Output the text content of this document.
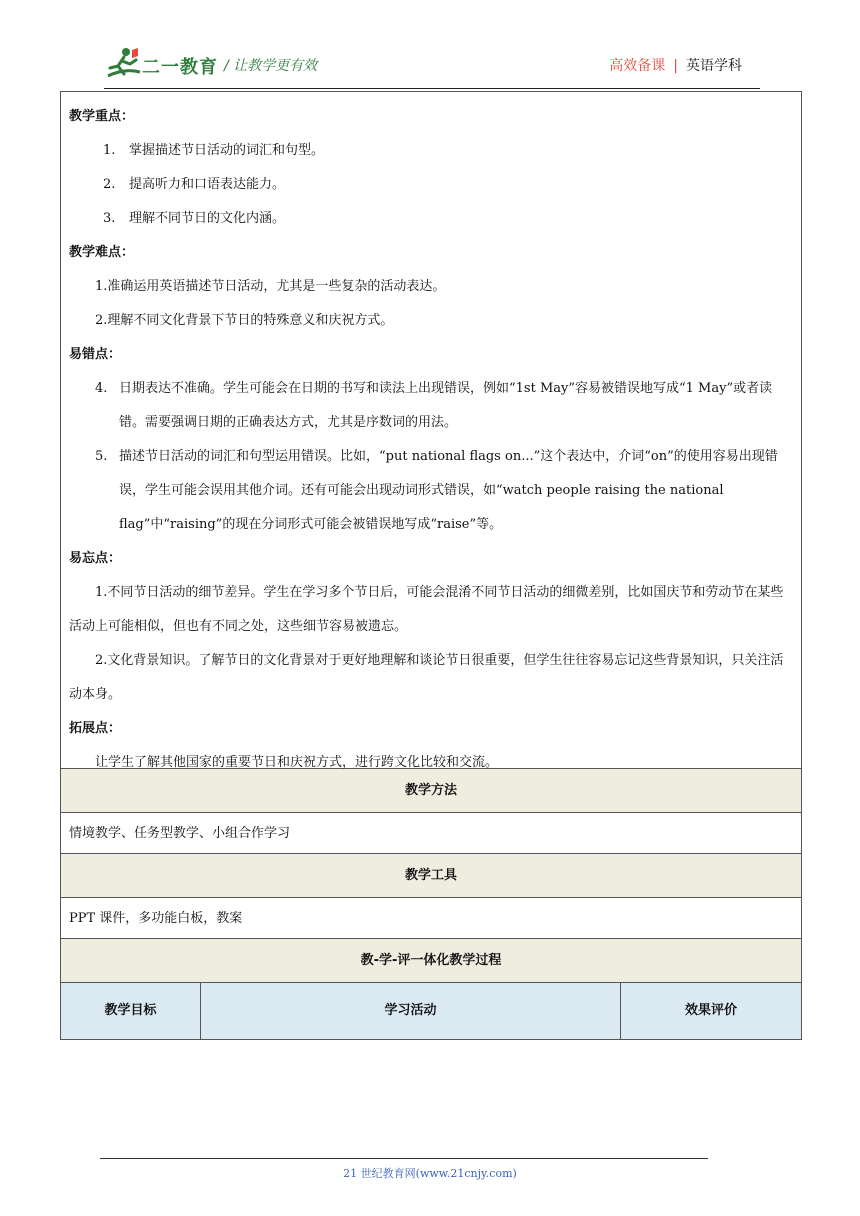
二一教育 / 让教学更有效	高效备课 | 英语学科
教学重点：
1.	掌握描述节日活动的词汇和句型。
2.	提高听力和口语表达能力。
3.	理解不同节日的文化内涵。
教学难点：
1.准确运用英语描述节日活动，尤其是一些复杂的活动表达。
2.理解不同文化背景下节日的特殊意义和庆祝方式。
易错点：
4. 日期表达不准确。学生可能会在日期的书写和读法上出现错误，例如“1st May”容易被错误地写成“1 May”或者读错。需要强调日期的正确表达方式，尤其是序数词的用法。
5. 描述节日活动的词汇和句型运用错误。比如，“put national flags on...”这个表达中，介词“on”的使用容易出现错误，学生可能会误用其他介词。还有可能会出现动词形式错误，如“watch people raising the national flag”中“raising”的现在分词形式可能会被错误地写成“raise”等。
易忘点：
1.不同节日活动的细节差异。学生在学习多个节日后，可能会混淆不同节日活动的细微差别，比如国庆节和劳动节在某些活动上可能相似，但也有不同之处，这些细节容易被遗忘。
2.文化背景知识。了解节日的文化背景对于更好地理解和谈论节日很重要，但学生往往容易忘记这些背景知识，只关注活动本身。
拓展点：
让学生了解其他国家的重要节日和庆祝方式，进行跨文化比较和交流。
教学方法
情境教学、任务型教学、小组合作学习
教学工具
PPT 课件，多功能白板，教案
教-学-评一体化教学过程
教学目标	学习活动	效果评价
21 世纪教育网(www.21cnjy.com)
